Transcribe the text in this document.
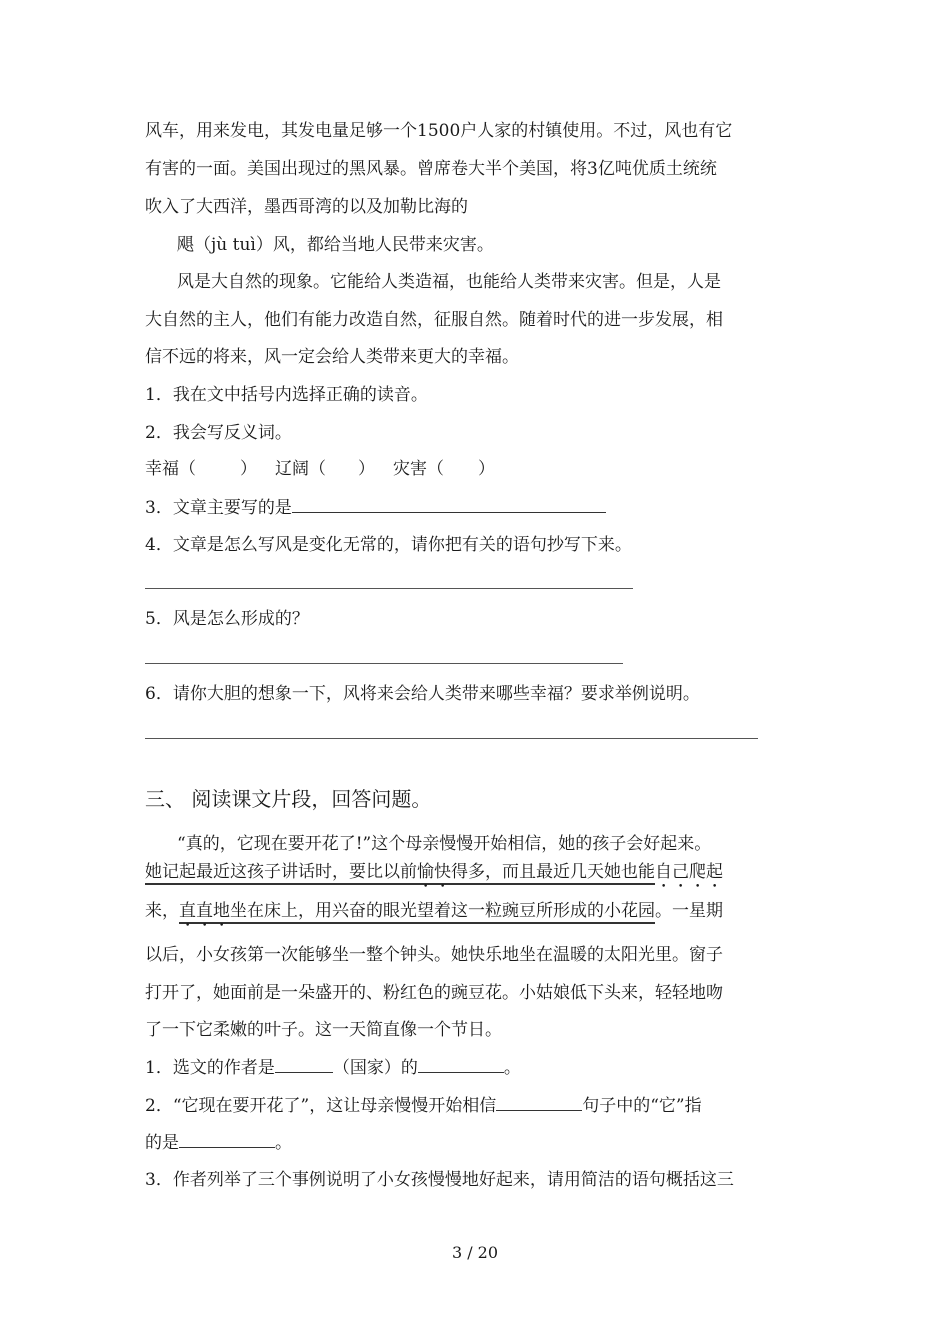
风车，用来发电，其发电量足够一个1500户人家的村镇使用。不过，风也有它
有害的一面。美国出现过的黑风暴。曾席卷大半个美国，将3亿吨优质土统统
吹入了大西洋，墨西哥湾的以及加勒比海的
飓（jù tuì）风，都给当地人民带来灾害。
风是大自然的现象。它能给人类造福，也能给人类带来灾害。但是，人是
大自然的主人，他们有能力改造自然，征服自然。随着时代的进一步发展，相
信不远的将来，风一定会给人类带来更大的幸福。
1．我在文中括号内选择正确的读音。
2．我会写反义词。
幸福（	） 辽阔（ ） 灾害（ ）
3．文章主要写的是
4．文章是怎么写风是变化无常的，请你把有关的语句抄写下来。
5．风是怎么形成的？
6．请你大胆的想象一下，风将来会给人类带来哪些幸福？要求举例说明。
三、 阅读课文片段，回答问题。
“真的，它现在要开花了!”这个母亲慢慢开始相信，她的孩子会好起来。
她记起最近这孩子讲话时，要比以前愉快得多，而且最近几天她也能自己爬起
来，直直地坐在床上，用兴奋的眼光望着这一粒豌豆所形成的小花园。一星期
以后，小女孩第一次能够坐一整个钟头。她快乐地坐在温暖的太阳光里。窗子
打开了，她面前是一朵盛开的、粉红色的豌豆花。小姑娘低下头来，轻轻地吻
了一下它柔嫩的叶子。这一天简直像一个节日。
1．选文的作者是	（国家）的	。
2．“它现在要开花了”，这让母亲慢慢开始相信	句子中的“它”指
的是	。
3．作者列举了三个事例说明了小女孩慢慢地好起来，请用简洁的语句概括这三
3 / 20
